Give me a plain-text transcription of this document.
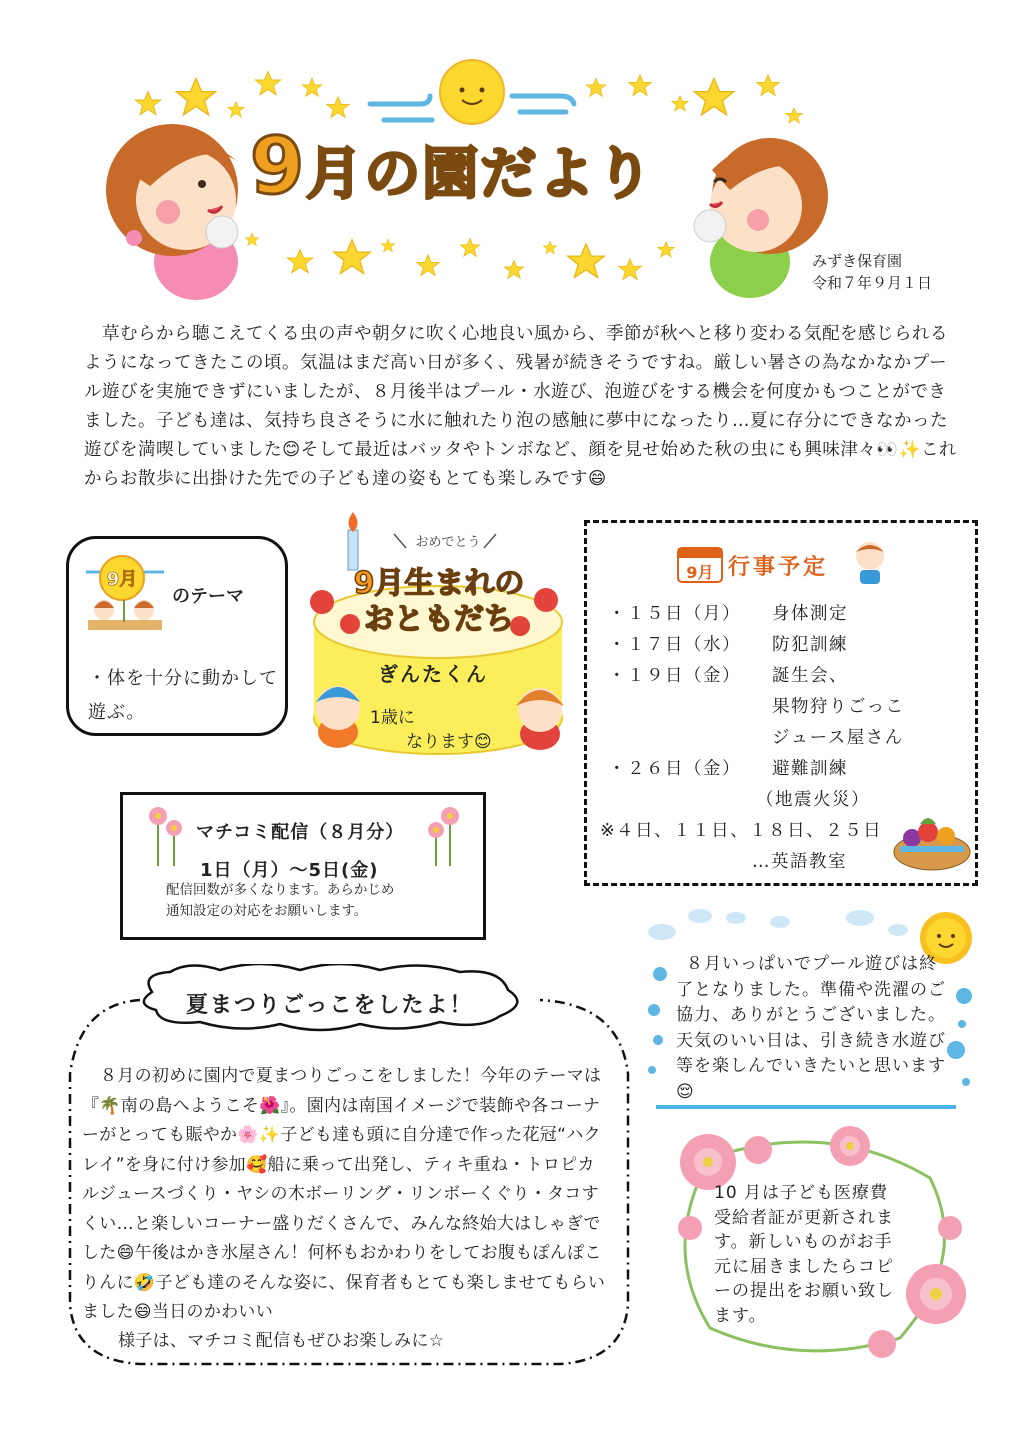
9月の園だより
みずき保育園
令和７年９月１日
草むらから聴こえてくる虫の声や朝夕に吹く心地良い風から、季節が秋へと移り変わる気配を感じられるようになってきたこの頃。気温はまだ高い日が多く、残暑が続きそうですね。厳しい暑さの為なかなかプール遊びを実施できずにいましたが、８月後半はプール・水遊び、泡遊びをする機会を何度かもつことができました。子ども達は、気持ち良さそうに水に触れたり泡の感触に夢中になったり…夏に存分にできなかった遊びを満喫していました😊そして最近はバッタやトンボなど、顔を見せ始めた秋の虫にも興味津々👀✨これからお散歩に出掛けた先での子ども達の姿もとても楽しみです😄
9月
のテーマ
・体を十分に動かして　遊ぶ。
おめでとう
9月生まれの
おともだち
ぎんたくん
1歳に
なります😊
9月 行事予定
・１５日（月） 身体測定
・１７日（水） 防犯訓練
・１９日（金） 誕生会、
果物狩りごっこ
ジュース屋さん
・２６日（金） 避難訓練
（地震火災）
※４日、１１日、１８日、２５日
…英語教室
マチコミ配信（８月分）
1日（月）～5日(金)
配信回数が多くなります。あらかじめ
通知設定の対応をお願いします。
夏まつりごっこをしたよ！
８月の初めに園内で夏まつりごっこをしました！今年のテーマは『🌴南の島へようこそ🌺』。園内は南国イメージで装飾や各コーナーがとっても賑やか🌸✨子ども達も頭に自分達で作った花冠“ハクレイ”を身に付け参加🥰船に乗って出発し、ティキ重ね・トロピカルジュースづくり・ヤシの木ボーリング・リンボーくぐり・タコすくい…と楽しいコーナー盛りだくさんで、みんな終始大はしゃぎでした😄午後はかき氷屋さん！何杯もおかわりをしてお腹もぽんぽこりんに🤣子ども達のそんな姿に、保育者もとても楽しませてもらいました😄当日のかわいい
様子は、マチコミ配信もぜひお楽しみに☆
８月いっぱいでプール遊びは終了となりました。準備や洗濯のご協力、ありがとうございました。天気のいい日は、引き続き水遊び等を楽しんでいきたいと思います😌
10 月は子ども医療費受給者証が更新されます。新しいものがお手元に届きましたらコピーの提出をお願い致します。
